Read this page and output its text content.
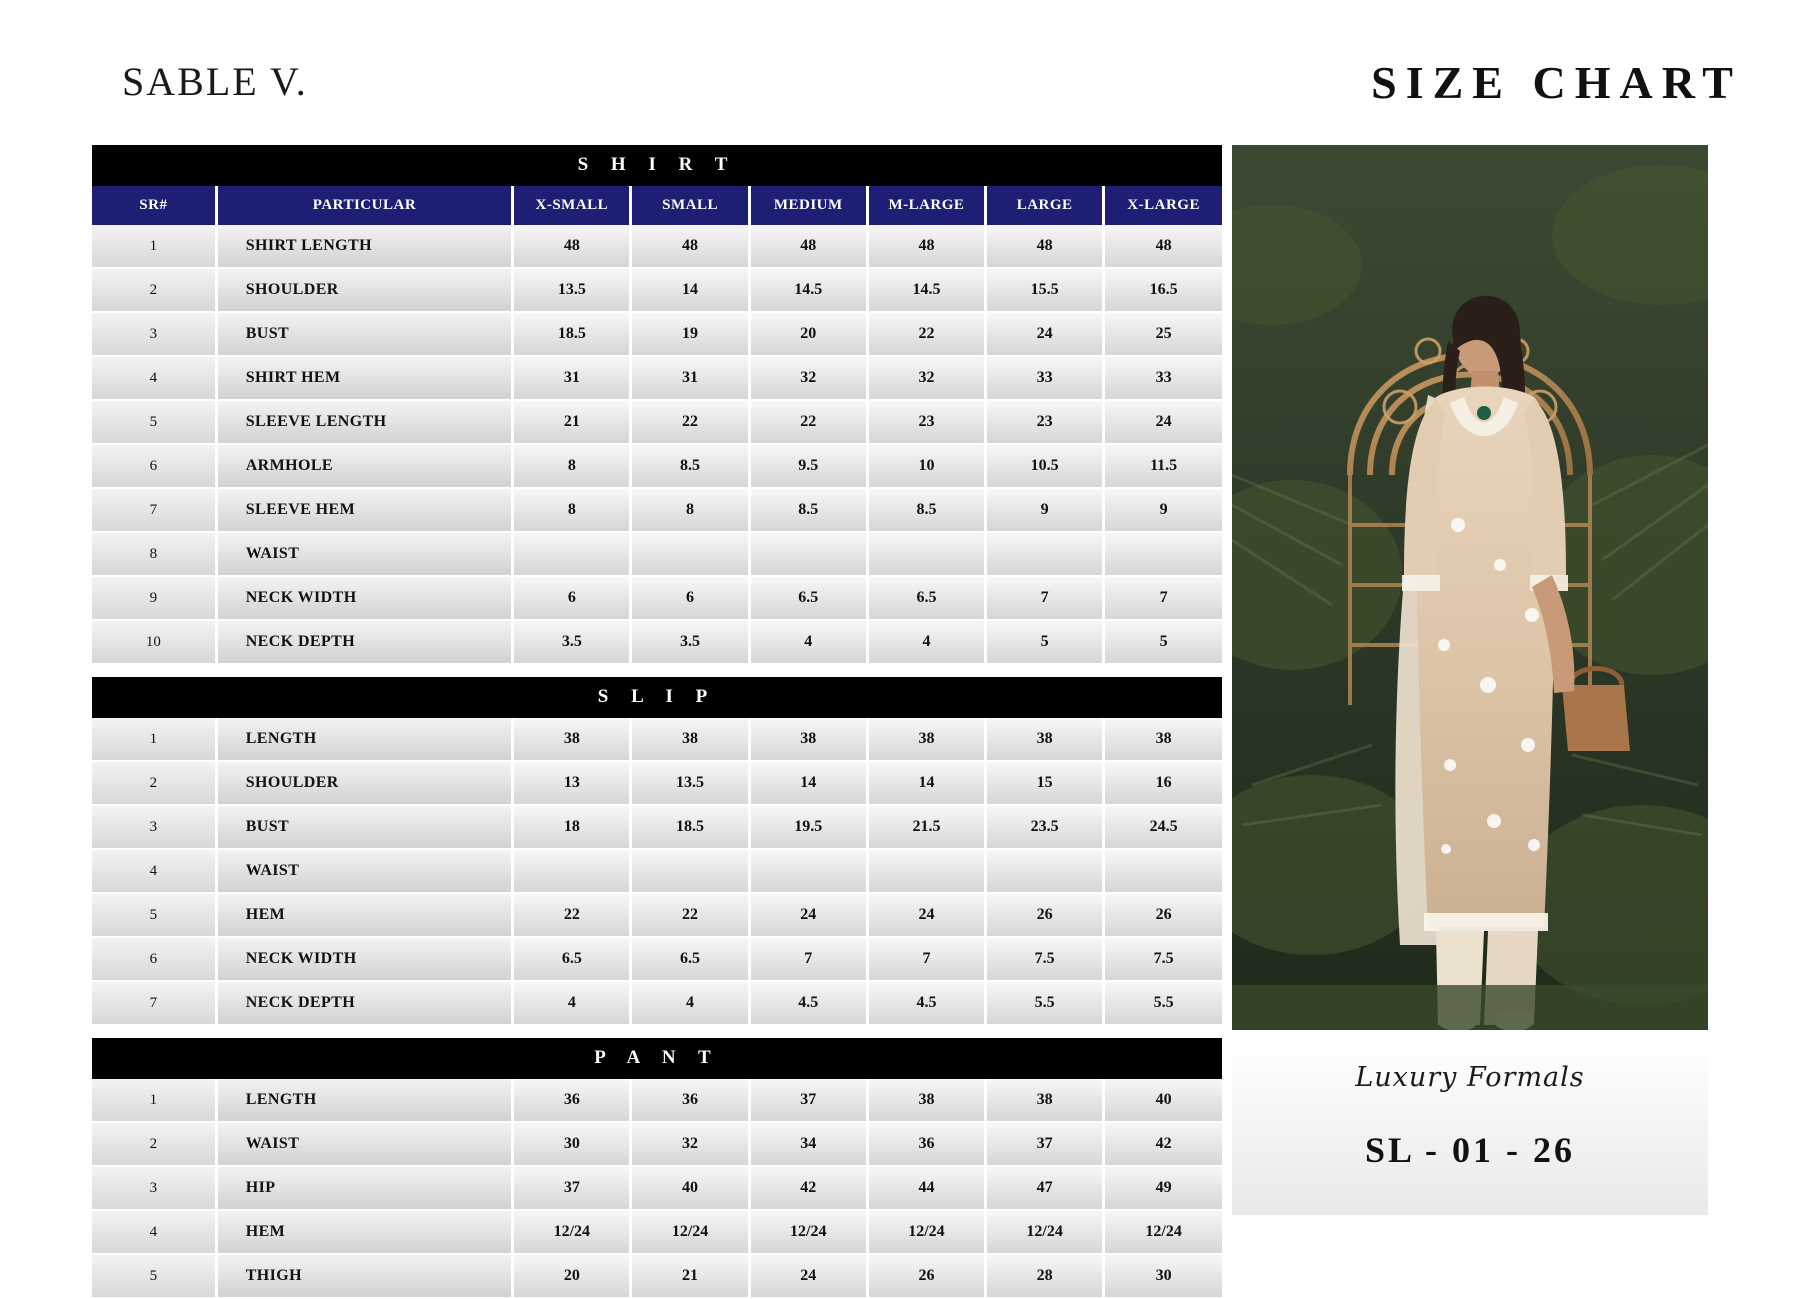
SABLE V.	SIZE CHART
S H I R T
SR#	PARTICULAR	X-SMALL	SMALL	MEDIUM	M-LARGE	LARGE	X-LARGE
1	SHIRT LENGTH	48	48	48	48	48	48
2	SHOULDER	13.5	14	14.5	14.5	15.5	16.5
3	BUST	18.5	19	20	22	24	25
4	SHIRT HEM	31	31	32	32	33	33
5	SLEEVE LENGTH	21	22	22	23	23	24
6	ARMHOLE	8	8.5	9.5	10	10.5	11.5
7	SLEEVE HEM	8	8	8.5	8.5	9	9
8	WAIST						
9	NECK WIDTH	6	6	6.5	6.5	7	7
10	NECK DEPTH	3.5	3.5	4	4	5	5
S L I P
1	LENGTH	38	38	38	38	38	38
2	SHOULDER	13	13.5	14	14	15	16
3	BUST	18	18.5	19.5	21.5	23.5	24.5
4	WAIST						
5	HEM	22	22	24	24	26	26
6	NECK WIDTH	6.5	6.5	7	7	7.5	7.5
7	NECK DEPTH	4	4	4.5	4.5	5.5	5.5
P A N T
1	LENGTH	36	36	37	38	38	40
2	WAIST	30	32	34	36	37	42
3	HIP	37	40	42	44	47	49
4	HEM	12/24	12/24	12/24	12/24	12/24	12/24
5	THIGH	20	21	24	26	28	30
Luxury Formals
SL - 01 - 26
